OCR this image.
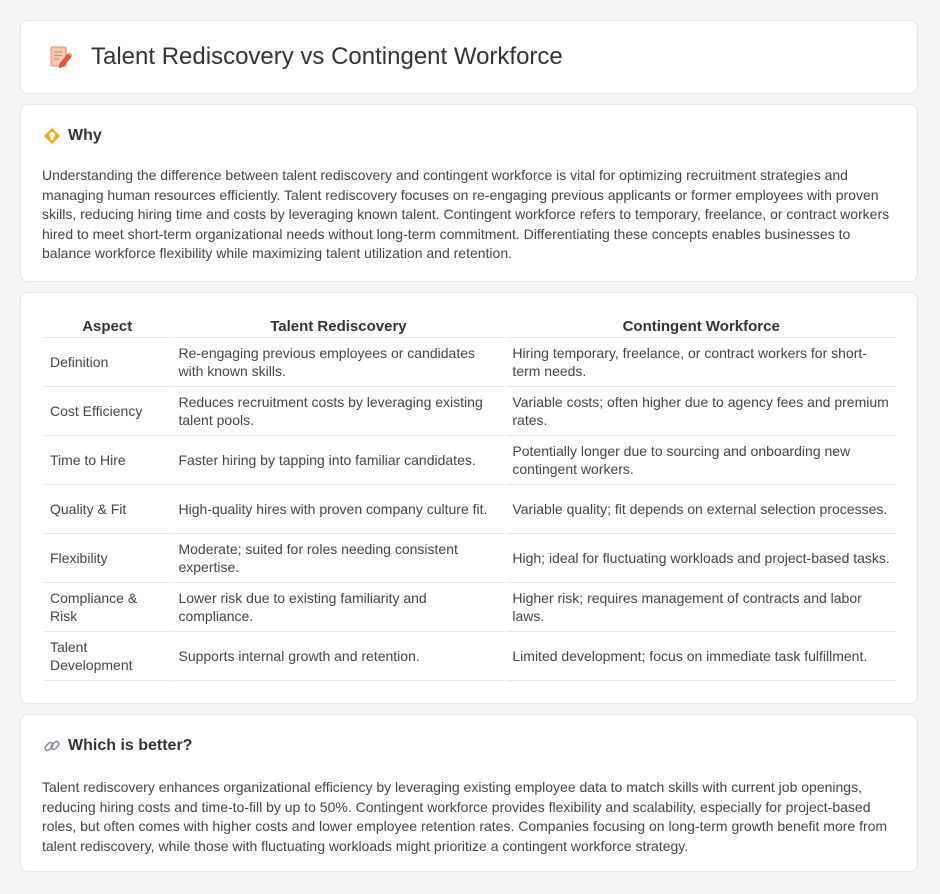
Talent Rediscovery vs Contingent Workforce
Why

Understanding the difference between talent rediscovery and contingent workforce is vital for optimizing recruitment strategies and managing human resources efficiently. Talent rediscovery focuses on re-engaging previous applicants or former employees with proven skills, reducing hiring time and costs by leveraging known talent. Contingent workforce refers to temporary, freelance, or contract workers hired to meet short-term organizational needs without long-term commitment. Differentiating these concepts enables businesses to balance workforce flexibility while maximizing talent utilization and retention.

Aspect	Talent Rediscovery	Contingent Workforce
Definition	Re-engaging previous employees or candidates with known skills.	Hiring temporary, freelance, or contract workers for short-term needs.
Cost Efficiency	Reduces recruitment costs by leveraging existing talent pools.	Variable costs; often higher due to agency fees and premium rates.
Time to Hire	Faster hiring by tapping into familiar candidates.	Potentially longer due to sourcing and onboarding new contingent workers.
Quality & Fit	High-quality hires with proven company culture fit.	Variable quality; fit depends on external selection processes.
Flexibility	Moderate; suited for roles needing consistent expertise.	High; ideal for fluctuating workloads and project-based tasks.
Compliance & Risk	Lower risk due to existing familiarity and compliance.	Higher risk; requires management of contracts and labor laws.
Talent Development	Supports internal growth and retention.	Limited development; focus on immediate task fulfillment.
Which is better?

Talent rediscovery enhances organizational efficiency by leveraging existing employee data to match skills with current job openings, reducing hiring costs and time-to-fill by up to 50%. Contingent workforce provides flexibility and scalability, especially for project-based roles, but often comes with higher costs and lower employee retention rates. Companies focusing on long-term growth benefit more from talent rediscovery, while those with fluctuating workloads might prioritize a contingent workforce strategy.
